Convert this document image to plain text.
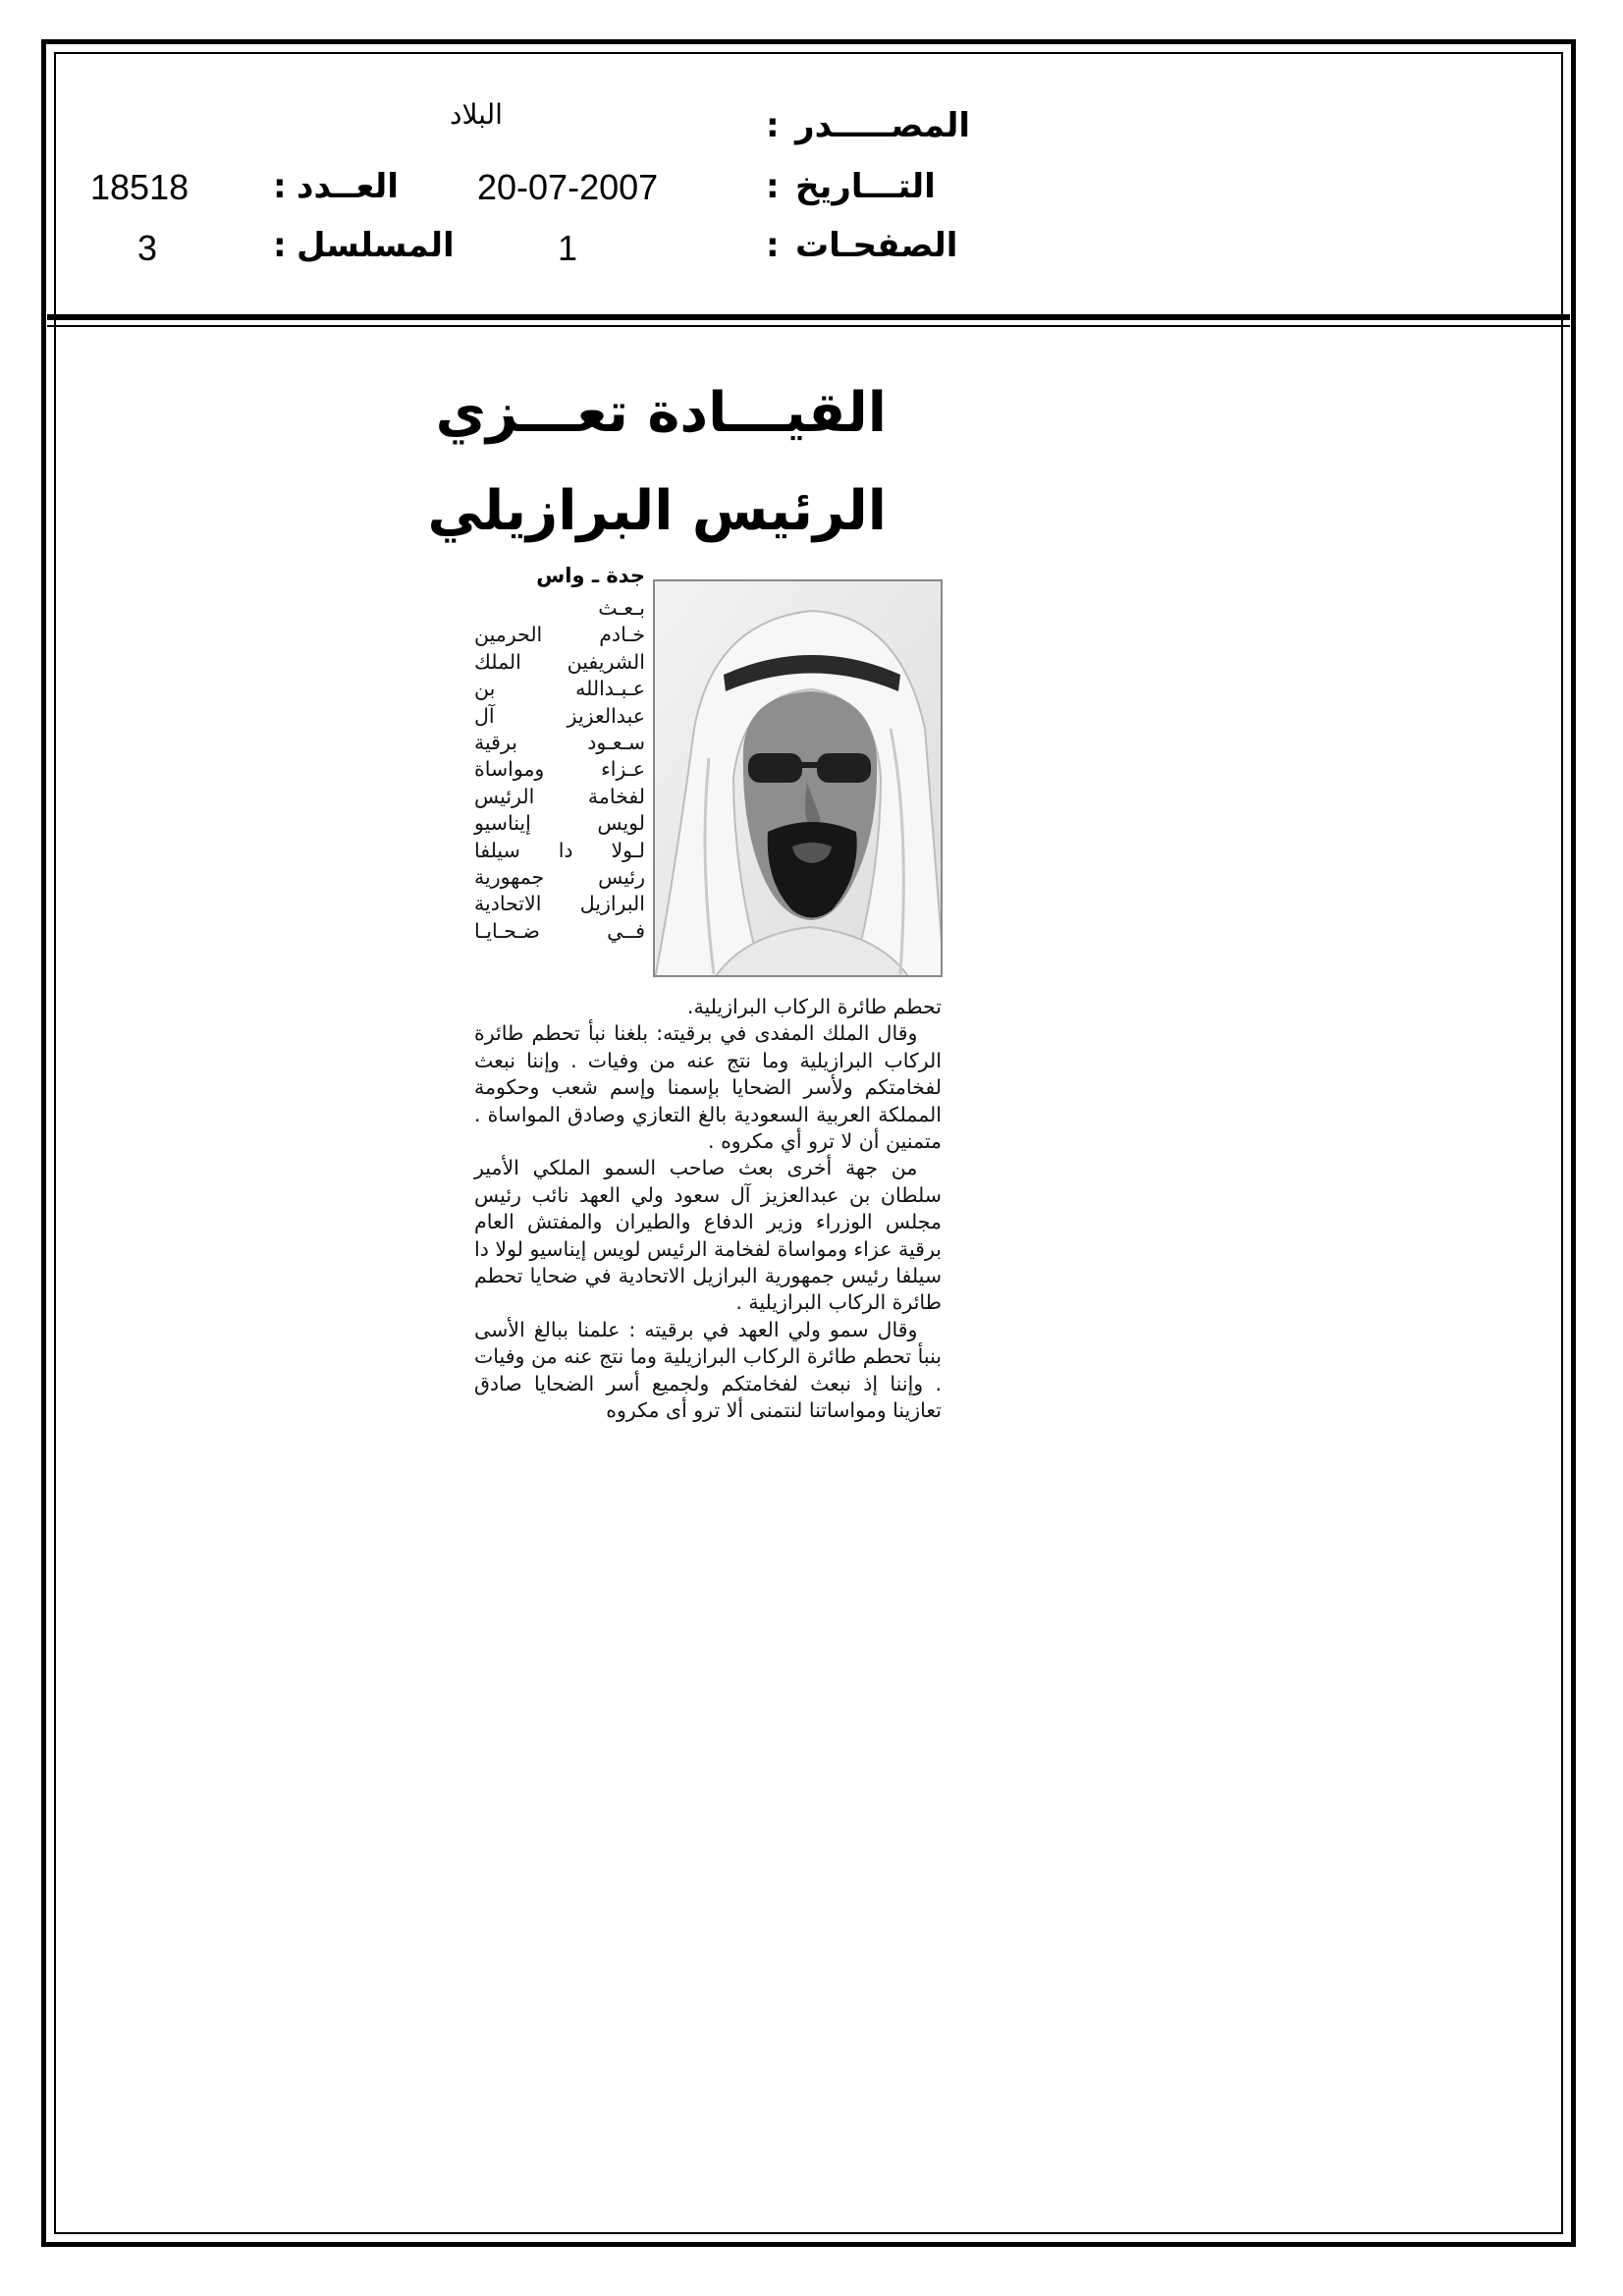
المصـــــدر
:
البلاد
التـــاريخ
:
20-07-2007
العــدد
:
18518
الصفحـات
:
1
المسلسل
:
3
القيـــادة تعـــزي
الرئيس البرازيلي
جدة ـ واس
بـعـث
خـادم الحرمين
الشريفين الملك
عـبـدالله بن
عبدالعزيز آل
سـعـود برقية
عـزاء ومواساة
لفخامة الرئيس
لويس إيناسيو
لـولا دا سيلفا
رئيس جمهورية
البرازيل الاتحادية
فــي ضـحـايـا

تحطم طائرة الركاب البرازيلية.

وقال الملك المفدى في برقيته: بلغنا نبأ تحطم طائرة الركاب البرازيلية وما نتج عنه من وفيات . وإننا نبعث لفخامتكم ولأسر الضحايا بإسمنا وإسم شعب وحكومة المملكة العربية السعودية بالغ التعازي وصادق المواساة . متمنين أن لا ترو أي مكروه .

من جهة أخرى بعث صاحب السمو الملكي الأمير سلطان بن عبدالعزيز آل سعود ولي العهد نائب رئيس مجلس الوزراء وزير الدفاع والطيران والمفتش العام برقية عزاء ومواساة لفخامة الرئيس لويس إيناسيو لولا دا سيلفا رئيس جمهورية البرازيل الاتحادية في ضحايا تحطم طائرة الركاب البرازيلية .

وقال سمو ولي العهد في برقيته : علمنا ببالغ الأسى بنبأ تحطم طائرة الركاب البرازيلية وما نتج عنه من وفيات . وإننا إذ نبعث لفخامتكم ولجميع أسر الضحايا صادق تعازينا ومواساتنا لنتمنى ألا ترو أى مكروه
